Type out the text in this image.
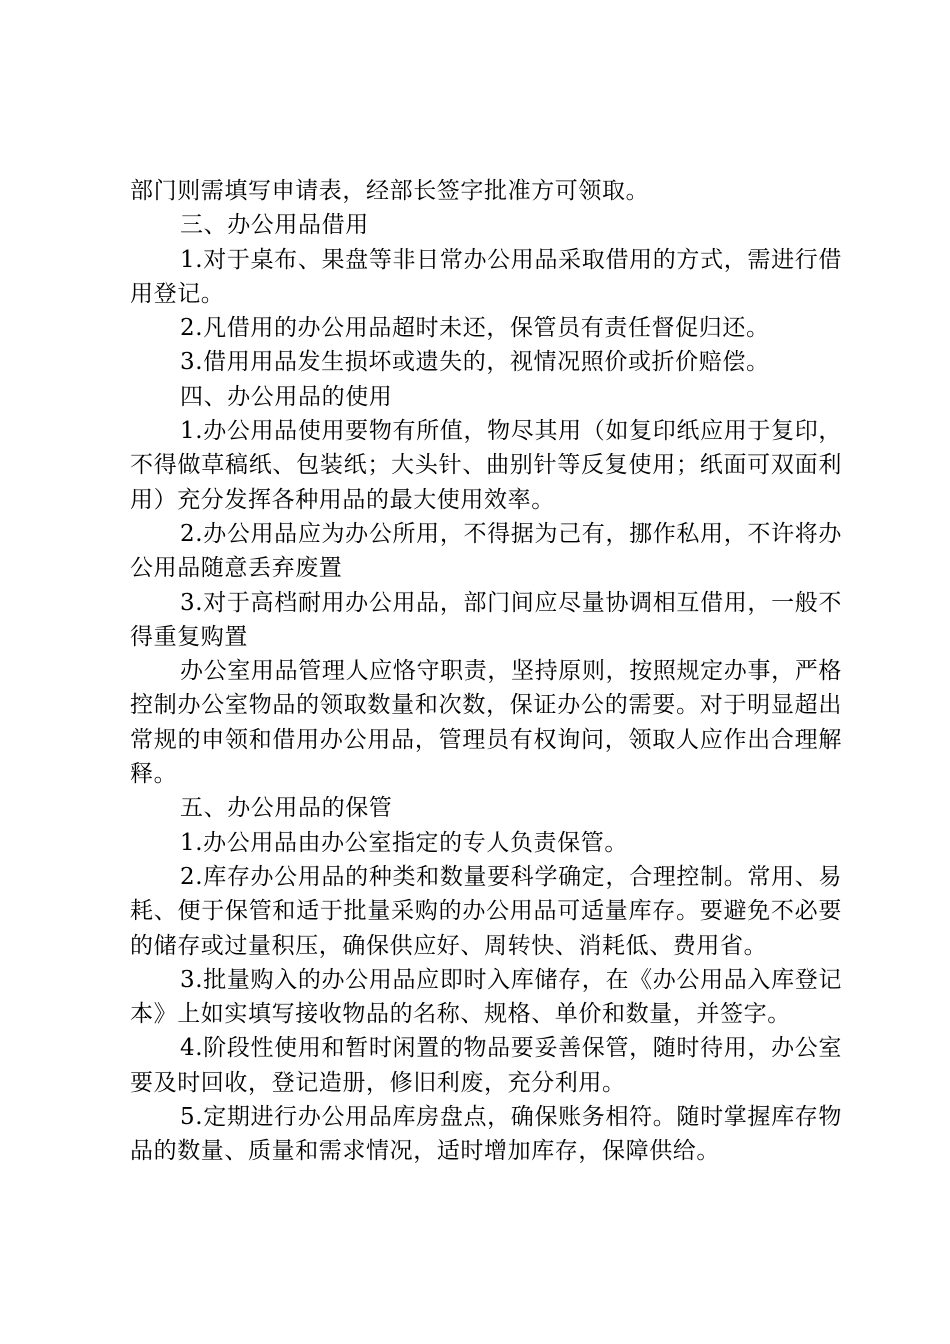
部门则需填写申请表，经部长签字批准方可领取。

三、办公用品借用

1.对于桌布、果盘等非日常办公用品采取借用的方式，需进行借用登记。

2.凡借用的办公用品超时未还，保管员有责任督促归还。

3.借用用品发生损坏或遗失的，视情况照价或折价赔偿。

四、办公用品的使用

1.办公用品使用要物有所值，物尽其用（如复印纸应用于复印，不得做草稿纸、包装纸；大头针、曲别针等反复使用；纸面可双面利用）充分发挥各种用品的最大使用效率。

2.办公用品应为办公所用，不得据为己有，挪作私用，不许将办公用品随意丢弃废置

3.对于高档耐用办公用品，部门间应尽量协调相互借用，一般不得重复购置

办公室用品管理人应恪守职责，坚持原则，按照规定办事，严格控制办公室物品的领取数量和次数，保证办公的需要。对于明显超出常规的申领和借用办公用品，管理员有权询问，领取人应作出合理解释。

五、办公用品的保管

1.办公用品由办公室指定的专人负责保管。

2.库存办公用品的种类和数量要科学确定，合理控制。常用、易耗、便于保管和适于批量采购的办公用品可适量库存。要避免不必要的储存或过量积压，确保供应好、周转快、消耗低、费用省。

3.批量购入的办公用品应即时入库储存，在《办公用品入库登记本》上如实填写接收物品的名称、规格、单价和数量，并签字。

4.阶段性使用和暂时闲置的物品要妥善保管，随时待用，办公室要及时回收，登记造册，修旧利废，充分利用。

5.定期进行办公用品库房盘点，确保账务相符。随时掌握库存物品的数量、质量和需求情况，适时增加库存，保障供给。
